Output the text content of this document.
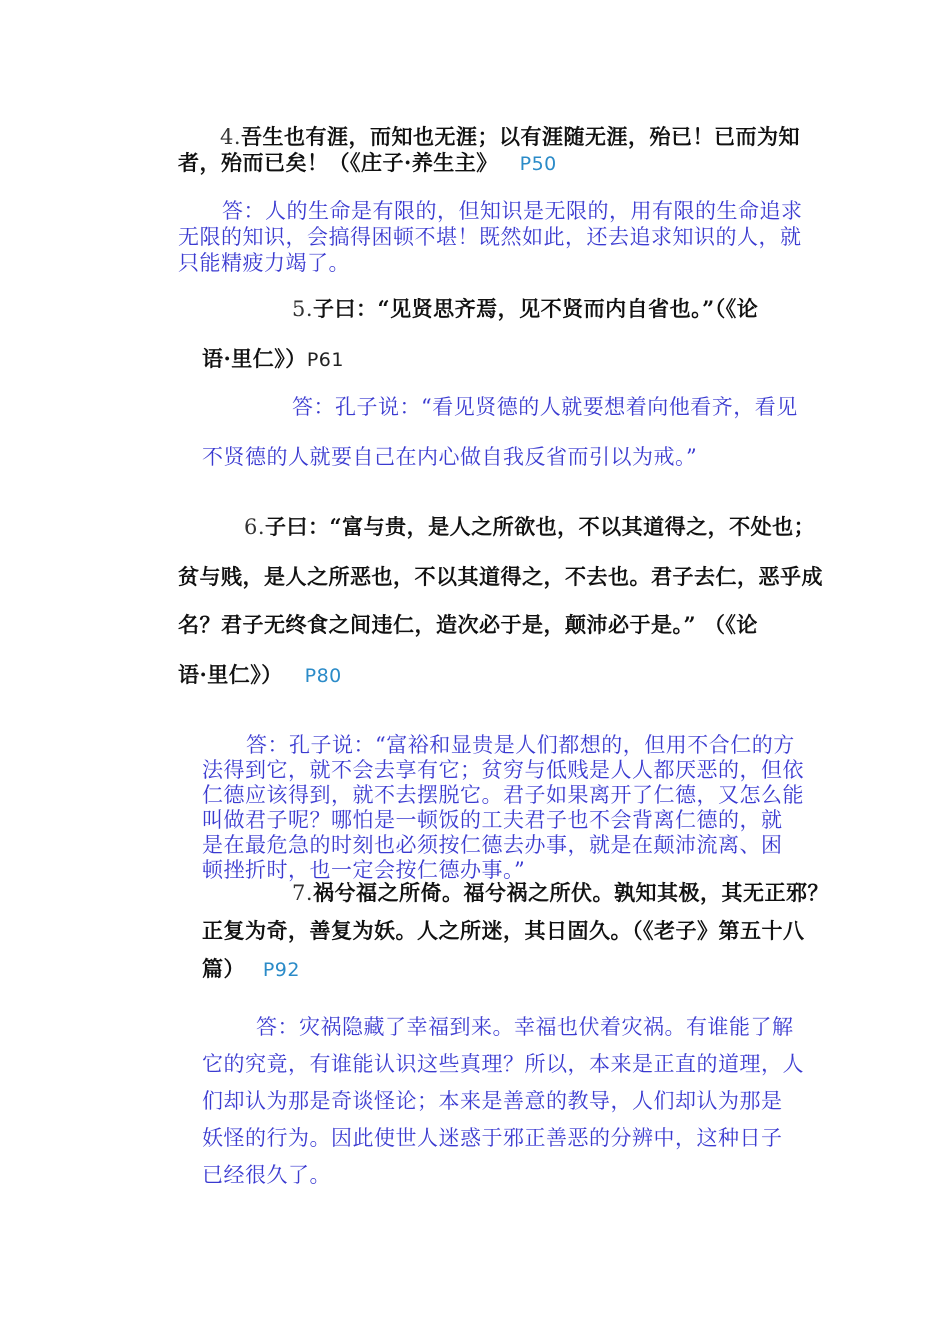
4.吾生也有涯，而知也无涯；以有涯随无涯，殆已！已而为知
者，殆而已矣！（《庄子·养生主》 P50
答：人的生命是有限的，但知识是无限的，用有限的生命追求
无限的知识，会搞得困顿不堪！既然如此，还去追求知识的人，就
只能精疲力竭了。
5.子曰：“见贤思齐焉，见不贤而内自省也。”（《论
语·里仁》）P61
答：孔子说：“看见贤德的人就要想着向他看齐，看见
不贤德的人就要自己在内心做自我反省而引以为戒。”
6.子曰：“富与贵，是人之所欲也，不以其道得之，不处也；
贫与贱，是人之所恶也，不以其道得之，不去也。君子去仁，恶乎成
名？君子无终食之间违仁，造次必于是，颠沛必于是。” （《论
语·里仁》） P80
答：孔子说：“富裕和显贵是人们都想的，但用不合仁的方
法得到它，就不会去享有它；贫穷与低贱是人人都厌恶的，但依
仁德应该得到，就不去摆脱它。君子如果离开了仁德，又怎么能
叫做君子呢？哪怕是一顿饭的工夫君子也不会背离仁德的，就
是在最危急的时刻也必须按仁德去办事，就是在颠沛流离、困
顿挫折时，也一定会按仁德办事。”
7.祸兮福之所倚。福兮祸之所伏。孰知其极，其无正邪？
正复为奇，善复为妖。人之所迷，其日固久。（《老子》第五十八
篇） P92
答：灾祸隐藏了幸福到来。幸福也伏着灾祸。有谁能了解
它的究竟，有谁能认识这些真理？所以，本来是正直的道理，人
们却认为那是奇谈怪论；本来是善意的教导，人们却认为那是
妖怪的行为。因此使世人迷惑于邪正善恶的分辨中，这种日子
已经很久了。
